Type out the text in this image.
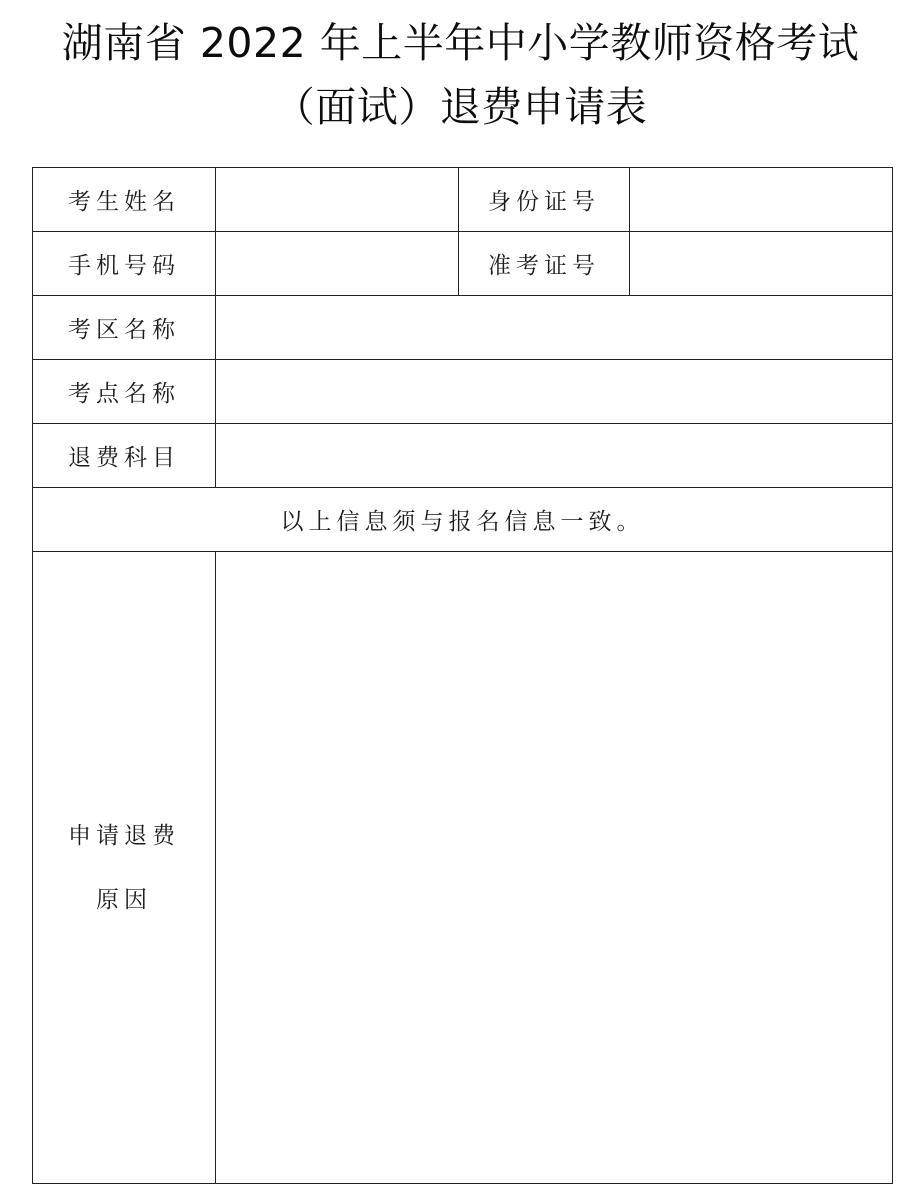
湖南省 2022 年上半年中小学教师资格考试
（面试）退费申请表
考生姓名		身份证号	
手机号码		准考证号	
考区名称			
考点名称			
退费科目			
以上信息须与报名信息一致。			

申请退费
原因			
